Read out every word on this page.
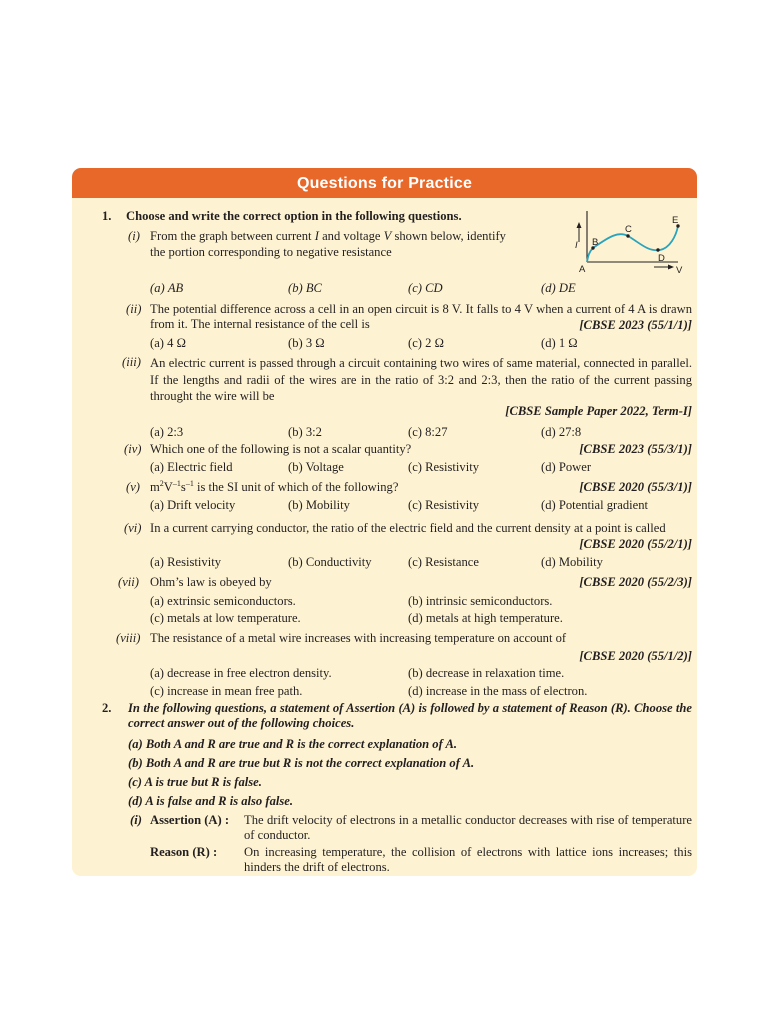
Questions for Practice
1. Choose and write the correct option in the following questions.
(i) From the graph between current I and voltage V shown below, identify
the portion corresponding to negative resistance	I
V
A
B
C
D
E
(a) AB	(b) BC	(c) CD	(d) DE
(ii) The potential difference across a cell in an open circuit is 8 V. It falls to 4 V when a current of 4 A is drawn from it. The internal resistance of the cell is	[CBSE 2023 (55/1/1)]
(a) 4 Ω	(b) 3 Ω	(c) 2 Ω	(d) 1 Ω
(iii) An electric current is passed through a circuit containing two wires of same material, connected in parallel. If the lengths and radii of the wires are in the ratio of 3:2 and 2:3, then the ratio of the current passing throught the wire will be
[CBSE Sample Paper 2022, Term-I]
(a) 2:3	(b) 3:2	(c) 8:27	(d) 27:8
(iv) Which one of the following is not a scalar quantity?	[CBSE 2023 (55/3/1)]
(a) Electric field	(b) Voltage	(c) Resistivity	(d) Power
(v) $m^2V^{-1}s^{-1}$ is the SI unit of which of the following?	[CBSE 2020 (55/3/1)]
(a) Drift velocity	(b) Mobility	(c) Resistivity	(d) Potential gradient
(vi) In a current carrying conductor, the ratio of the electric field and the current density at a point is called
[CBSE 2020 (55/2/1)]
(a) Resistivity	(b) Conductivity	(c) Resistance	(d) Mobility
(vii) Ohm’s law is obeyed by	[CBSE 2020 (55/2/3)]
(a) extrinsic semiconductors.	(b) intrinsic semiconductors.
(c) metals at low temperature.	(d) metals at high temperature.
(viii) The resistance of a metal wire increases with increasing temperature on account of
[CBSE 2020 (55/1/2)]
(a) decrease in free electron density.	(b) decrease in relaxation time.
(c) increase in mean free path.	(d) increase in the mass of electron.
2. In the following questions, a statement of Assertion (A) is followed by a statement of Reason (R). Choose the correct answer out of the following choices.
(a) Both A and R are true and R is the correct explanation of A.
(b) Both A and R are true but R is not the correct explanation of A.
(c) A is true but R is false.
(d) A is false and R is also false.
(i) Assertion (A) : The drift velocity of electrons in a metallic conductor decreases with rise of temperature of conductor.
Reason (R) : On increasing temperature, the collision of electrons with lattice ions increases; this hinders the drift of electrons.
